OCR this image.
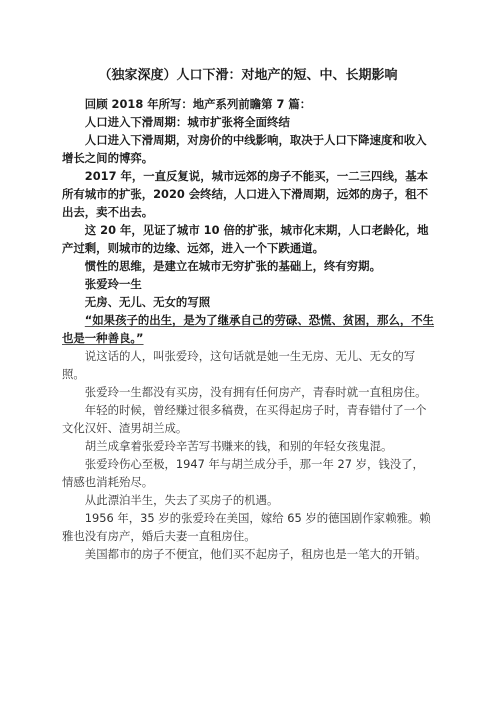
（独家深度）人口下滑：对地产的短、中、长期影响

回顾 2018 年所写：地产系列前瞻第 7 篇：

人口进入下滑周期：城市扩张将全面终结

人口进入下滑周期，对房价的中线影响，取决于人口下降速度和收入增长之间的博弈。

2017 年，一直反复说，城市远郊的房子不能买，一二三四线，基本所有城市的扩张，2020 会终结，人口进入下滑周期，远郊的房子，租不出去，卖不出去。

这 20 年，见证了城市 10 倍的扩张，城市化末期，人口老龄化，地产过剩，则城市的边缘、远郊，进入一个下跌通道。

惯性的思维，是建立在城市无穷扩张的基础上，终有穷期。

张爱玲一生

无房、无儿、无女的写照

“如果孩子的出生，是为了继承自己的劳碌、恐慌、贫困，那么，不生也是一种善良。”

说这话的人，叫张爱玲，这句话就是她一生无房、无儿、无女的写照。

张爱玲一生都没有买房，没有拥有任何房产，青春时就一直租房住。

年轻的时候，曾经赚过很多稿费，在买得起房子时，青春错付了一个文化汉奸、渣男胡兰成。

胡兰成拿着张爱玲辛苦写书赚来的钱，和别的年轻女孩鬼混。

张爱玲伤心至极，1947 年与胡兰成分手，那一年 27 岁，钱没了，情感也消耗殆尽。

从此漂泊半生，失去了买房子的机遇。

1956 年，35 岁的张爱玲在美国，嫁给 65 岁的德国剧作家赖雅。赖雅也没有房产，婚后夫妻一直租房住。

美国都市的房子不便宜，他们买不起房子，租房也是一笔大的开销。
